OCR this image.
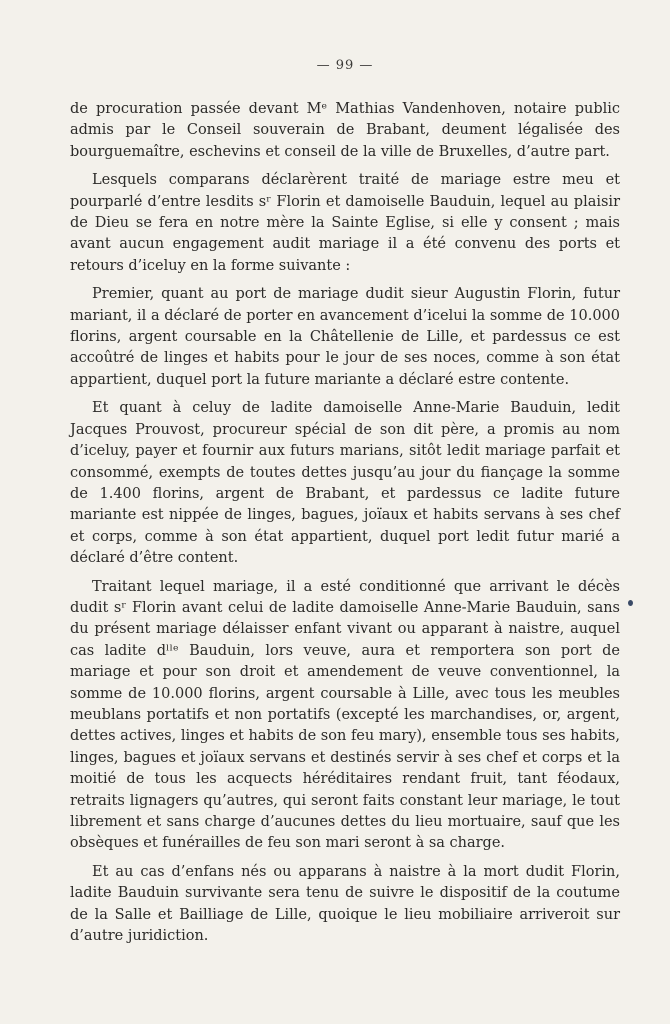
— 99 —

de procuration passée devant Mᵉ Mathias Vandenhoven, notaire public admis par le Conseil souverain de Brabant, deument légalisée des bourguemaître, eschevins et conseil de la ville de Bruxelles, d’autre part.

Lesquels comparans déclarèrent traité de mariage estre meu et pourparlé d’entre lesdits sʳ Florin et damoiselle Bauduin, lequel au plaisir de Dieu se fera en notre mère la Sainte Eglise, si elle y consent ; mais avant aucun engagement audit mariage il a été convenu des ports et retours d’iceluy en la forme suivante :

Premier, quant au port de mariage dudit sieur Augustin Florin, futur mariant, il a déclaré de porter en avancement d’icelui la somme de 10.000 florins, argent coursable en la Châtellenie de Lille, et pardessus ce est accoûtré de linges et habits pour le jour de ses noces, comme à son état appartient, duquel port la future mariante a déclaré estre contente.

Et quant à celuy de ladite damoiselle Anne-Marie Bauduin, ledit Jacques Prouvost, procureur spécial de son dit père, a promis au nom d’iceluy, payer et fournir aux futurs marians, sitôt ledit mariage parfait et consommé, exempts de toutes dettes jusqu’au jour du fiançage la somme de 1.400 florins, argent de Brabant, et pardessus ce ladite future mariante est nippée de linges, bagues, joïaux et habits servans à ses chef et corps, comme à son état appartient, duquel port ledit futur marié a déclaré d’être content.

Traitant lequel mariage, il a esté conditionné que arrivant le décès dudit sʳ Florin avant celui de ladite damoiselle Anne-Marie Bauduin, sans du présent mariage délaisser enfant vivant ou apparant à naistre, auquel cas ladite dˡˡᵉ Bauduin, lors veuve, aura et remportera son port de mariage et pour son droit et amendement de veuve conventionnel, la somme de 10.000 florins, argent coursable à Lille, avec tous les meubles meublans portatifs et non portatifs (excepté les marchandises, or, argent, dettes actives, linges et habits de son feu mary), ensemble tous ses habits, linges, bagues et joïaux servans et destinés servir à ses chef et corps et la moitié de tous les acquects héréditaires rendant fruit, tant féodaux, retraits lignagers qu’autres, qui seront faits constant leur mariage, le tout librement et sans charge d’aucunes dettes du lieu mortuaire, sauf que les obsèques et funérailles de feu son mari seront à sa charge.

Et au cas d’enfans nés ou apparans à naistre à la mort dudit Florin, ladite Bauduin survivante sera tenu de suivre le dispositif de la coutume de la Salle et Bailliage de Lille, quoique le lieu mobiliaire arriveroit sur d’autre juridiction.
